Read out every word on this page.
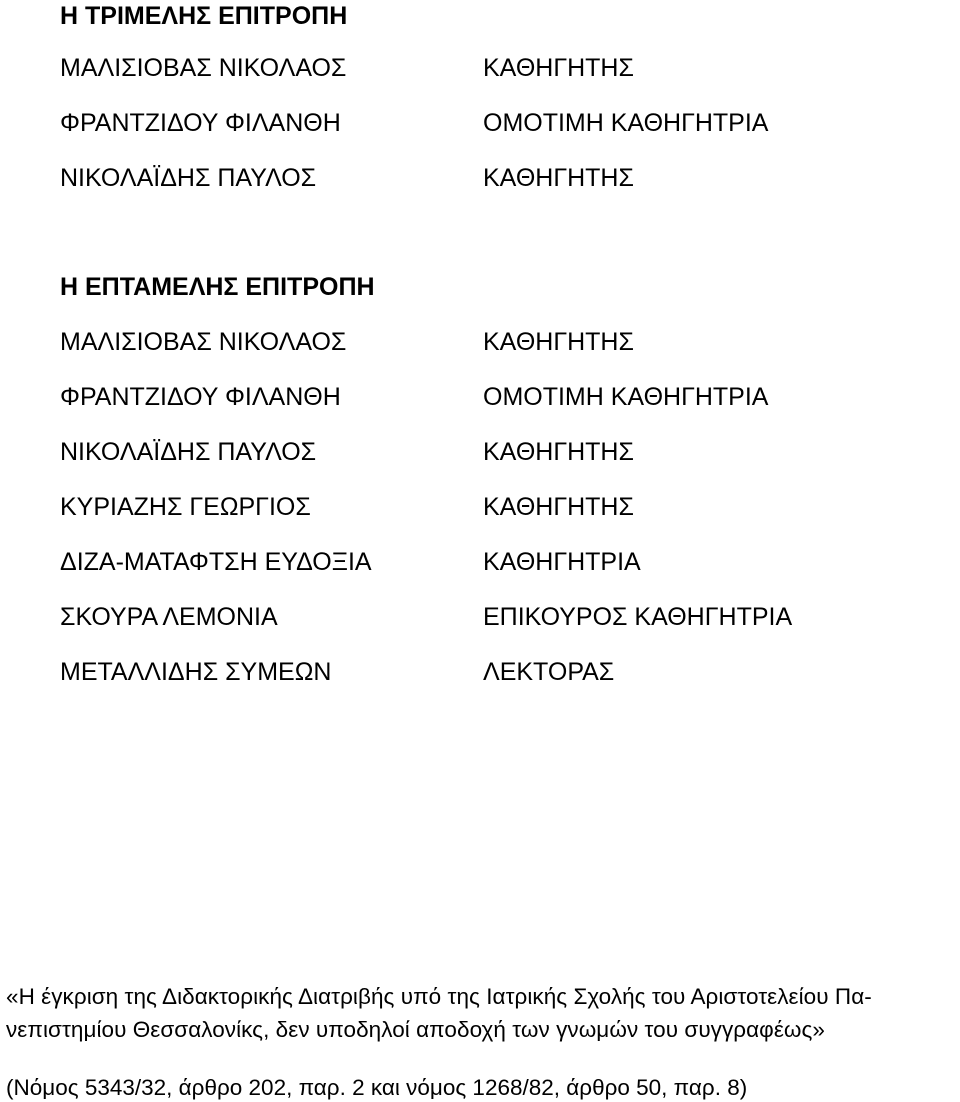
Η ΤΡΙΜΕΛΗΣ ΕΠΙΤΡΟΠΗ
ΜΑΛΙΣΙΟΒΑΣ ΝΙΚΟΛΑΟΣ	ΚΑΘΗΓΗΤΗΣ
ΦΡΑΝΤΖΙΔΟΥ ΦΙΛΑΝΘΗ	ΟΜΟΤΙΜΗ ΚΑΘΗΓΗΤΡΙΑ
ΝΙΚΟΛΑΪΔΗΣ ΠΑΥΛΟΣ	ΚΑΘΗΓΗΤΗΣ
Η ΕΠΤΑΜΕΛΗΣ ΕΠΙΤΡΟΠΗ
ΜΑΛΙΣΙΟΒΑΣ ΝΙΚΟΛΑΟΣ	ΚΑΘΗΓΗΤΗΣ
ΦΡΑΝΤΖΙΔΟΥ ΦΙΛΑΝΘΗ	ΟΜΟΤΙΜΗ ΚΑΘΗΓΗΤΡΙΑ
ΝΙΚΟΛΑΪΔΗΣ ΠΑΥΛΟΣ	ΚΑΘΗΓΗΤΗΣ
ΚΥΡΙΑΖΗΣ ΓΕΩΡΓΙΟΣ	ΚΑΘΗΓΗΤΗΣ
ΔΙΖΑ-ΜΑΤΑΦΤΣΗ ΕΥΔΟΞΙΑ	ΚΑΘΗΓΗΤΡΙΑ
ΣΚΟΥΡΑ ΛΕΜΟΝΙΑ	ΕΠΙΚΟΥΡΟΣ ΚΑΘΗΓΗΤΡΙΑ
ΜΕΤΑΛΛΙΔΗΣ ΣΥΜΕΩΝ	ΛΕΚΤΟΡΑΣ
«Η έγκριση της Διδακτορικής Διατριβής υπό της Ιατρικής Σχολής του Αριστοτελείου Πα-
νεπιστημίου Θεσσαλονίκς, δεν υποδηλοί αποδοχή των γνωμών του συγγραφέως»
(Νόμος 5343/32, άρθρο 202, παρ. 2 και νόμος 1268/82, άρθρο 50, παρ. 8)
